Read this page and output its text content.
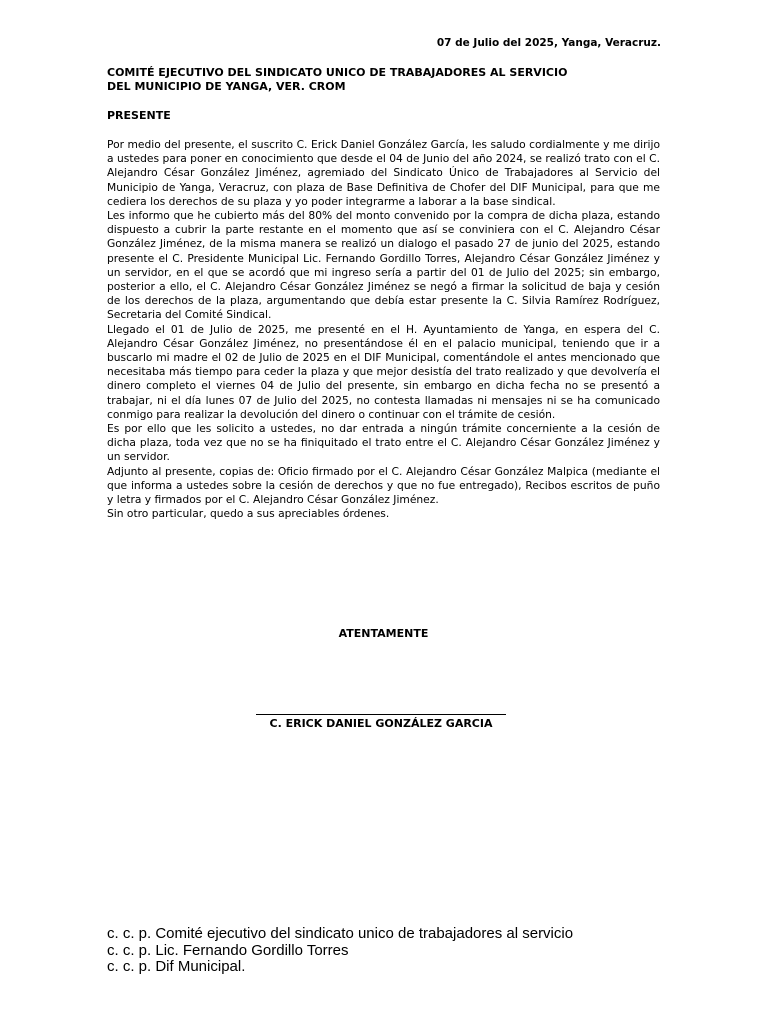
07 de Julio del 2025, Yanga, Veracruz.
COMITÉ EJECUTIVO DEL SINDICATO UNICO DE TRABAJADORES AL SERVICIO
DEL MUNICIPIO DE YANGA, VER. CROM
PRESENTE

Por medio del presente, el suscrito C. Erick Daniel González García, les saludo cordialmente y me dirijo a ustedes para poner en conocimiento que desde el 04 de Junio del año 2024, se realizó trato con el C. Alejandro César González Jiménez, agremiado del Sindicato Único de Trabajadores al Servicio del Municipio de Yanga, Veracruz, con plaza de Base Definitiva de Chofer del DIF Municipal, para que me cediera los derechos de su plaza y yo poder integrarme a laborar a la base sindical.

Les informo que he cubierto más del 80% del monto convenido por la compra de dicha plaza, estando dispuesto a cubrir la parte restante en el momento que así se conviniera con el C. Alejandro César González Jiménez, de la misma manera se realizó un dialogo el pasado 27 de junio del 2025, estando presente el C. Presidente Municipal Lic. Fernando Gordillo Torres, Alejandro César González Jiménez y un servidor, en el que se acordó que mi ingreso sería a partir del 01 de Julio del 2025; sin embargo, posterior a ello, el C. Alejandro César González Jiménez se negó a firmar la solicitud de baja y cesión de los derechos de la plaza, argumentando que debía estar presente la C. Silvia Ramírez Rodríguez, Secretaria del Comité Sindical.

Llegado el 01 de Julio de 2025, me presenté en el H. Ayuntamiento de Yanga, en espera del C. Alejandro César González Jiménez, no presentándose él en el palacio municipal, teniendo que ir a buscarlo mi madre el 02 de Julio de 2025 en el DIF Municipal, comentándole el antes mencionado que necesitaba más tiempo para ceder la plaza y que mejor desistía del trato realizado y que devolvería el dinero completo el viernes 04 de Julio del presente, sin embargo en dicha fecha no se presentó a trabajar, ni el día lunes 07 de Julio del 2025, no contesta llamadas ni mensajes ni se ha comunicado conmigo para realizar la devolución del dinero o continuar con el trámite de cesión.

Es por ello que les solicito a ustedes, no dar entrada a ningún trámite concerniente a la cesión de dicha plaza, toda vez que no se ha finiquitado el trato entre el C. Alejandro César González Jiménez y un servidor.

Adjunto al presente, copias de: Oficio firmado por el C. Alejandro César González Malpica (mediante el que informa a ustedes sobre la cesión de derechos y que no fue entregado), Recibos escritos de puño y letra y firmados por el C. Alejandro César González Jiménez.

Sin otro particular, quedo a sus apreciables órdenes.

ATENTAMENTE
C. ERICK DANIEL GONZÁLEZ GARCIA
c. c. p. Comité ejecutivo del sindicato unico de trabajadores al servicio
c. c. p. Lic. Fernando Gordillo Torres
c. c. p. Dif Municipal.
